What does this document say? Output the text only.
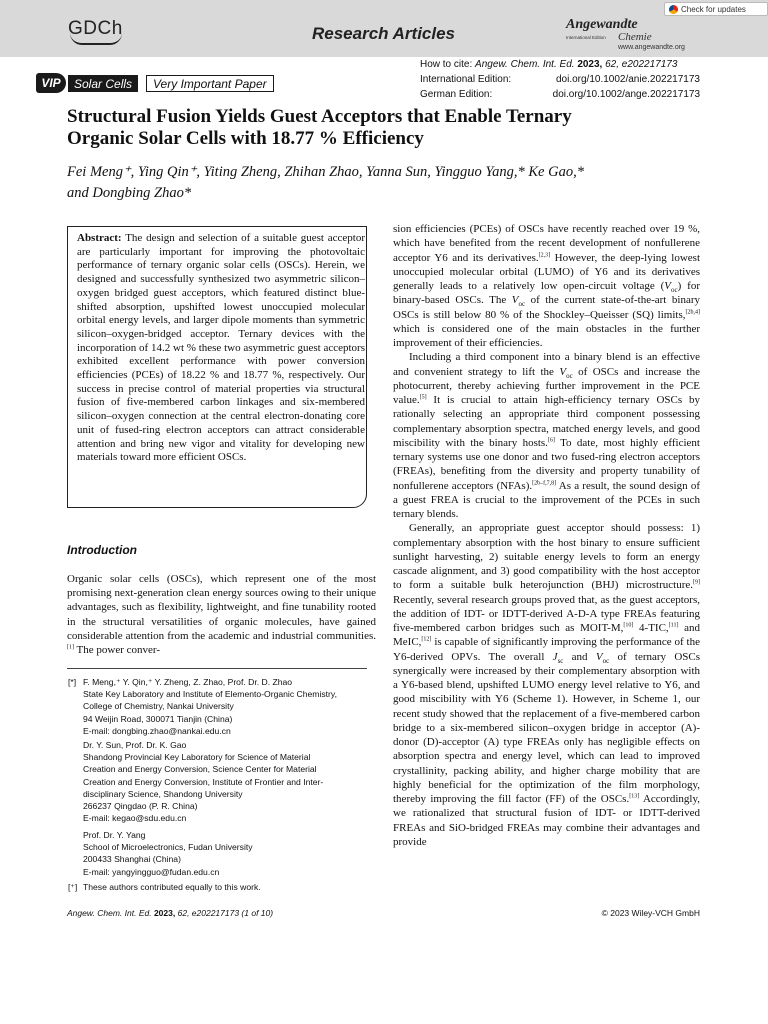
GDCh	Research Articles	Angewandte
International Edition Chemie
www.angewandte.org
Check for updates
VIP	Solar Cells	Very Important Paper
How to cite: Angew. Chem. Int. Ed. 2023, 62, e202217173
International Edition:	doi.org/10.1002/anie.202217173
German Edition:	doi.org/10.1002/ange.202217173
Structural Fusion Yields Guest Acceptors that Enable Ternary
Organic Solar Cells with 18.77 % Efficiency
Fei Meng⁺, Ying Qin⁺, Yiting Zheng, Zhihan Zhao, Yanna Sun, Yingguo Yang,* Ke Gao,*
and Dongbing Zhao*
Abstract: The design and selection of a suitable guest acceptor are particularly important for improving the photovoltaic performance of ternary organic solar cells (OSCs). Herein, we designed and successfully synthesized two asymmetric silicon–oxygen bridged guest acceptors, which featured distinct blue-shifted absorption, upshifted lowest unoccupied molecular orbital energy levels, and larger dipole moments than symmetric silicon–oxygen-bridged acceptor. Ternary devices with the incorporation of 14.2 wt % these two asymmetric guest acceptors exhibited excellent performance with power conversion efficiencies (PCEs) of 18.22 % and 18.77 %, respectively. Our success in precise control of material properties via structural fusion of five-membered carbon linkages and six-membered silicon–oxygen connection at the central electron-donating core unit of fused-ring electron acceptors can attract considerable attention and bring new vigor and vitality for developing new materials toward more efficient OSCs.
Introduction
Organic solar cells (OSCs), which represent one of the most promising next-generation clean energy sources owing to their unique advantages, such as flexibility, lightweight, and fine tunability rooted in the structural versatilities of organic molecules, have gained considerable attention from the academic and industrial communities.[1] The power conver-
[*] F. Meng,⁺ Y. Qin,⁺ Y. Zheng, Z. Zhao, Prof. Dr. D. Zhao
State Key Laboratory and Institute of Elemento-Organic Chemistry,
College of Chemistry, Nankai University
94 Weijin Road, 300071 Tianjin (China)
E-mail: dongbing.zhao@nankai.edu.cn
Dr. Y. Sun, Prof. Dr. K. Gao
Shandong Provincial Key Laboratory for Science of Material
Creation and Energy Conversion, Science Center for Material
Creation and Energy Conversion, Institute of Frontier and Inter-
disciplinary Science, Shandong University
266237 Qingdao (P. R. China)
E-mail: kegao@sdu.edu.cn
Prof. Dr. Y. Yang
School of Microelectronics, Fudan University
200433 Shanghai (China)
E-mail: yangyingguo@fudan.edu.cn
[⁺] These authors contributed equally to this work.

sion efficiencies (PCEs) of OSCs have recently reached over 19 %, which have benefited from the recent development of nonfullerene acceptor Y6 and its derivatives.[2,3] However, the deep-lying lowest unoccupied molecular orbital (LUMO) of Y6 and its derivatives generally leads to a relatively low open-circuit voltage $(V_{oc})$ for binary-based OSCs. The $V_{oc}$ of the current state-of-the-art binary OSCs is still below 80 % of the Shockley–Queisser (SQ) limits,[2b,4] which is considered one of the main obstacles in the further improvement of their efficiencies.

Including a third component into a binary blend is an effective and convenient strategy to lift the $V_{oc}$ of OSCs and increase the photocurrent, thereby achieving further improvement in the PCE value.[5] It is crucial to attain high-efficiency ternary OSCs by rationally selecting an appropriate third component possessing complementary absorption spectra, matched energy levels, and good miscibility with the binary hosts.[6] To date, most highly efficient ternary systems use one donor and two fused-ring electron acceptors (FREAs), benefiting from the diversity and property tunability of nonfullerene acceptors (NFAs).[2b–f,7,8] As a result, the sound design of a guest FREA is crucial to the improvement of the PCEs in such ternary blends.

Generally, an appropriate guest acceptor should possess: 1) complementary absorption with the host binary to ensure sufficient sunlight harvesting, 2) suitable energy levels to form an energy cascade alignment, and 3) good compatibility with the host acceptor to form a suitable bulk heterojunction (BHJ) microstructure.[9] Recently, several research groups proved that, as the guest acceptors, the addition of IDT- or IDTT-derived A-D-A type FREAs featuring five-membered carbon bridges such as MOIT-M,[10] 4-TIC,[11] and MeIC,[12] is capable of significantly improving the performance of the Y6-derived OPVs. The overall $J_{sc}$ and $V_{oc}$ of ternary OSCs synergically were increased by their complementary absorption with a Y6-based blend, upshifted LUMO energy level relative to Y6, and good miscibility with Y6 (Scheme 1). However, in Scheme 1, our recent study showed that the replacement of a five-membered carbon bridge to a six-membered silicon–oxygen bridge in acceptor (A)-donor (D)-acceptor (A) type FREAs only has negligible effects on absorption spectra and energy level, which can lead to improved crystallinity, packing ability, and higher charge mobility that are highly beneficial for the optimization of the film morphology, thereby improving the fill factor (FF) of the OSCs.[13] Accordingly, we rationalized that structural fusion of IDT- or IDTT-derived FREAs and SiO-bridged FREAs may combine their advantages and provide

Angew. Chem. Int. Ed. 2023, 62, e202217173 (1 of 10)	© 2023 Wiley-VCH GmbH
